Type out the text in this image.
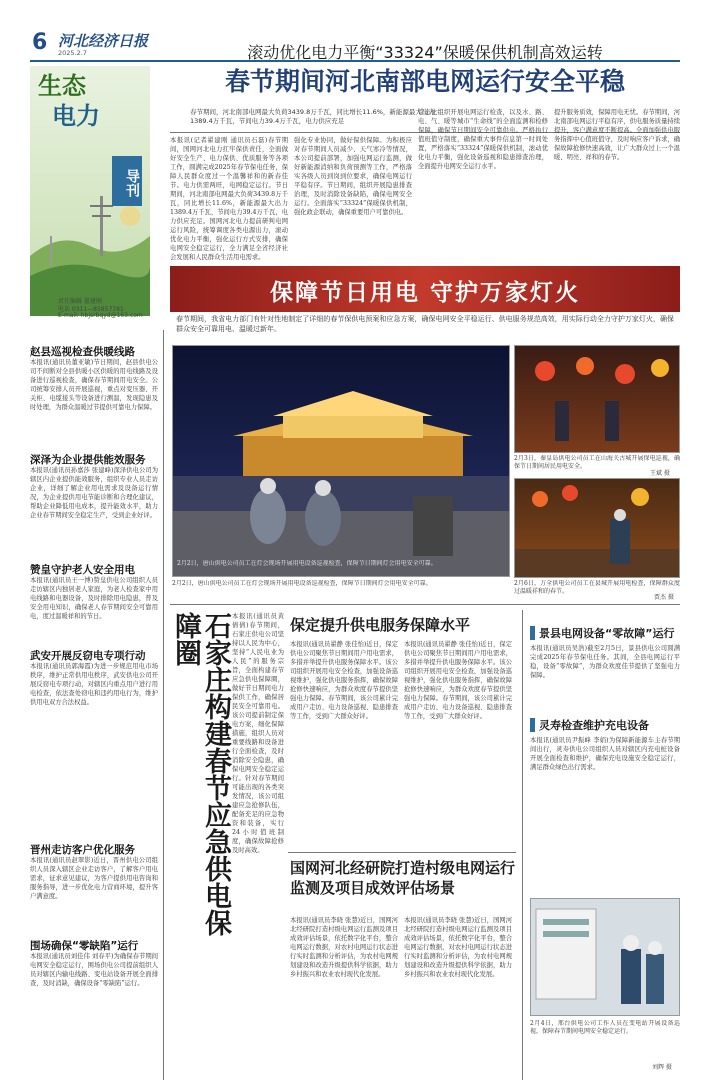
6 河北经济日报
2025.2.7
生态
电力
导刊
责任编辑 翟建刚
电话 0311—85857781
E-mail: hbjsrbqyd@163.com
滚动优化电力平衡“33324”保暖保供机制高效运转
春节期间河北南部电网运行安全平稳
春节期间，河北南部电网最大负荷3439.8万千瓦，同比增长11.6%，新能源最大出力1389.4万千瓦，节间电力39.4万千瓦，电力供应充足
本报讯(记者翟建刚 通讯员石磊)春节期间，国网河北电力扛牢保供责任，全面做好安全生产、电力保供、优质服务等各项工作，圆满完成2025年春节保电任务，保障人民群众度过一个温馨祥和的新春佳节。电力供需两旺，电网稳定运行。节日期间，河北南部电网最大负荷3439.8万千瓦，同比增长11.6%，新能源最大出力1389.4万千瓦，节间电力39.4万千瓦，电力供应充足。国网河北电力提前研判电网运行风险，统筹调度各类电源出力，滚动优化电力平衡，强化运行方式安排，确保电网安全稳定运行，全力满足全省经济社会发展和人民群众生活用电需求。
强化专业协同，做好保供保障。为积极应对春节期间人员减少、天气寒冷等情况，本公司提前部署，加强电网运行监测，做好新能源消纳和负荷预测等工作，严格落实各级人员到岗到位要求，确保电网运行平稳有序。节日期间，组织开展隐患排查治理，及时消除设备缺陷，确保电网安全运行。全面落实“33324”保暖保供机制，强化政企联动，确保重要用户可靠供电。
常态化组织开展电网运行检查，以及水、路、电、气、暖等城市“生命线”的全面监测和检修保障，确保节日期间安全可靠供电。严格执行值班值守制度，确保重大事件信息第一时间处置，严格落实“33324”保暖保供机制，滚动优化电力平衡，强化设备巡视和隐患排查治理，全面提升电网安全运行水平。
提升服务质效，保障用电无忧。春节期间，河北南部电网运行平稳有序，供电服务质量持续提升，客户满意度不断提高。全面加强供电服务指挥中心值班值守，及时响应客户诉求，确保故障抢修快速高效，让广大群众过上一个温暖、明亮、祥和的春节。
保障节日用电 守护万家灯火
春节期间，我省电力部门有针对性地制定了详细的春节保供电预案和应急方案，确保电网安全平稳运行、供电服务规范高效，用实际行动全力守护万家灯火，确保群众安全可靠用电、温暖过新年。
2月2日，唐山供电公司员工在灯会现场开展用电设备巡视检查，保障节日期间灯会用电安全可靠。
2月3日，秦皇岛供电公司员工在山海关古城开展保电巡视，确保节日期间居民用电安全。
王斌 摄
2月6日，万全供电公司员工在县城开展用电检查，保障群众度过温暖祥和的春节。
贾杰 摄
2月2日，唐山供电公司员工在灯会现场开展用电设备巡视检查，保障节日期间灯会用电安全可靠。
赵县巡视检查供暖线路
本报讯(通讯员董亚敏)节日期间，赵县供电公司不间断对全县供暖小区供暖的用电线路及设备进行巡视检查，确保春节期间用电安全。公司统筹安排人员开展巡视，重点对变压器、开关柜、电缆接头等设备进行测温，发现隐患及时处理，为群众温暖过节提供可靠电力保障。
深泽为企业提供能效服务
本报讯(通讯员孙嘉莎 张建峰)深泽供电公司为辖区内企业提供能效服务，组织专业人员走访企业，详细了解企业用电需求及设备运行情况，为企业提供用电节能诊断和合理化建议，帮助企业降低用电成本，提升能效水平，助力企业春节期间安全稳定生产，受到企业好评。
赞皇守护老人安全用电
本报讯(通讯员王一博)赞皇供电公司组织人员走访辖区内独居老人家庭，为老人检查家中用电线路和电器设备，及时排除用电隐患，普及安全用电知识，确保老人春节期间安全可靠用电，度过温暖祥和的节日。
武安开展反窃电专项行动
本报讯(通讯员郭海霞)为进一步规范用电市场秩序，维护正常供用电秩序，武安供电公司开展反窃电专项行动，对辖区内重点用户进行用电检查，依法查处窃电和违约用电行为，维护供用电双方合法权益。
晋州走访客户优化服务
本报讯(通讯员赵翠影)近日，晋州供电公司组织人员深入辖区企业走访客户，了解客户用电需求，征求意见建议，为客户提供用电咨询和服务指导，进一步优化电力营商环境，提升客户满意度。
围场确保“零缺陷”运行
本报讯(通讯员刘佳伟 刘春平)为确保春节期间电网安全稳定运行，围场供电公司提前组织人员对辖区内输电线路、变电站设备开展全面排查，及时消缺，确保设备“零缺陷”运行。
石家庄构建春节应急供电保障圈	本报讯(通讯员黄倩倩)春节期间，石家庄供电公司坚持以人民为中心，坚持“人民电业为人民”的服务宗旨，全面构建春节应急供电保障圈，做好节日期间电力保供工作，确保居民安全可靠用电。该公司提前制定保电方案，细化保障措施，组织人员对重要线路和设备进行全面检查，及时消除安全隐患，确保电网安全稳定运行。针对春节期间可能出现的各类突发情况，该公司组建应急抢修队伍，配备充足的应急物资和装备，实行24小时值班制度，确保故障抢修及时高效。
保定提升供电服务保障水平
本报讯(通讯员翟静 张佳怡)近日，保定供电公司聚焦节日期间用户用电需求，多措并举提升供电服务保障水平。该公司组织开展用电安全检查，加强设备巡视维护，强化供电服务指挥，确保故障抢修快速响应，为群众欢度春节提供坚强电力保障。春节期间，该公司累计完成用户走访、电力设备巡视、隐患排查等工作，受到广大群众好评。
本报讯(通讯员翟静 张佳怡)近日，保定供电公司聚焦节日期间用户用电需求，多措并举提升供电服务保障水平。该公司组织开展用电安全检查，加强设备巡视维护，强化供电服务指挥，确保故障抢修快速响应，为群众欢度春节提供坚强电力保障。春节期间，该公司累计完成用户走访、电力设备巡视、隐患排查等工作，受到广大群众好评。
国网河北经研院打造村级电网运行监测及项目成效评估场景
本报讯(通讯员李晓 张慧)近日，国网河北经研院打造村级电网运行监测及项目成效评估场景，依托数字化平台，整合电网运行数据，对农村电网运行状态进行实时监测和分析评估，为农村电网规划建设和改造升级提供科学依据，助力乡村振兴和农业农村现代化发展。
本报讯(通讯员李晓 张慧)近日，国网河北经研院打造村级电网运行监测及项目成效评估场景，依托数字化平台，整合电网运行数据，对农村电网运行状态进行实时监测和分析评估，为农村电网规划建设和改造升级提供科学依据，助力乡村振兴和农业农村现代化发展。
景县电网设备“零故障”运行
本报讯(通讯员吴浩)截至2月5日，景县供电公司圆满完成2025年春节保电任务。其间，全县电网运行平稳，设备“零故障”，为群众欢度佳节提供了坚强电力保障。
灵寿检查维护充电设备
本报讯(通讯员尹振峰 李娟)为保障新能源车主春节期间出行，灵寿供电公司组织人员对辖区内充电桩设备开展全面检查和维护，确保充电设施安全稳定运行，满足群众绿色出行需求。
2月4日，邢台供电公司工作人员在变电站开展设备巡视，保障春节期间电网安全稳定运行。
刘辉 摄
